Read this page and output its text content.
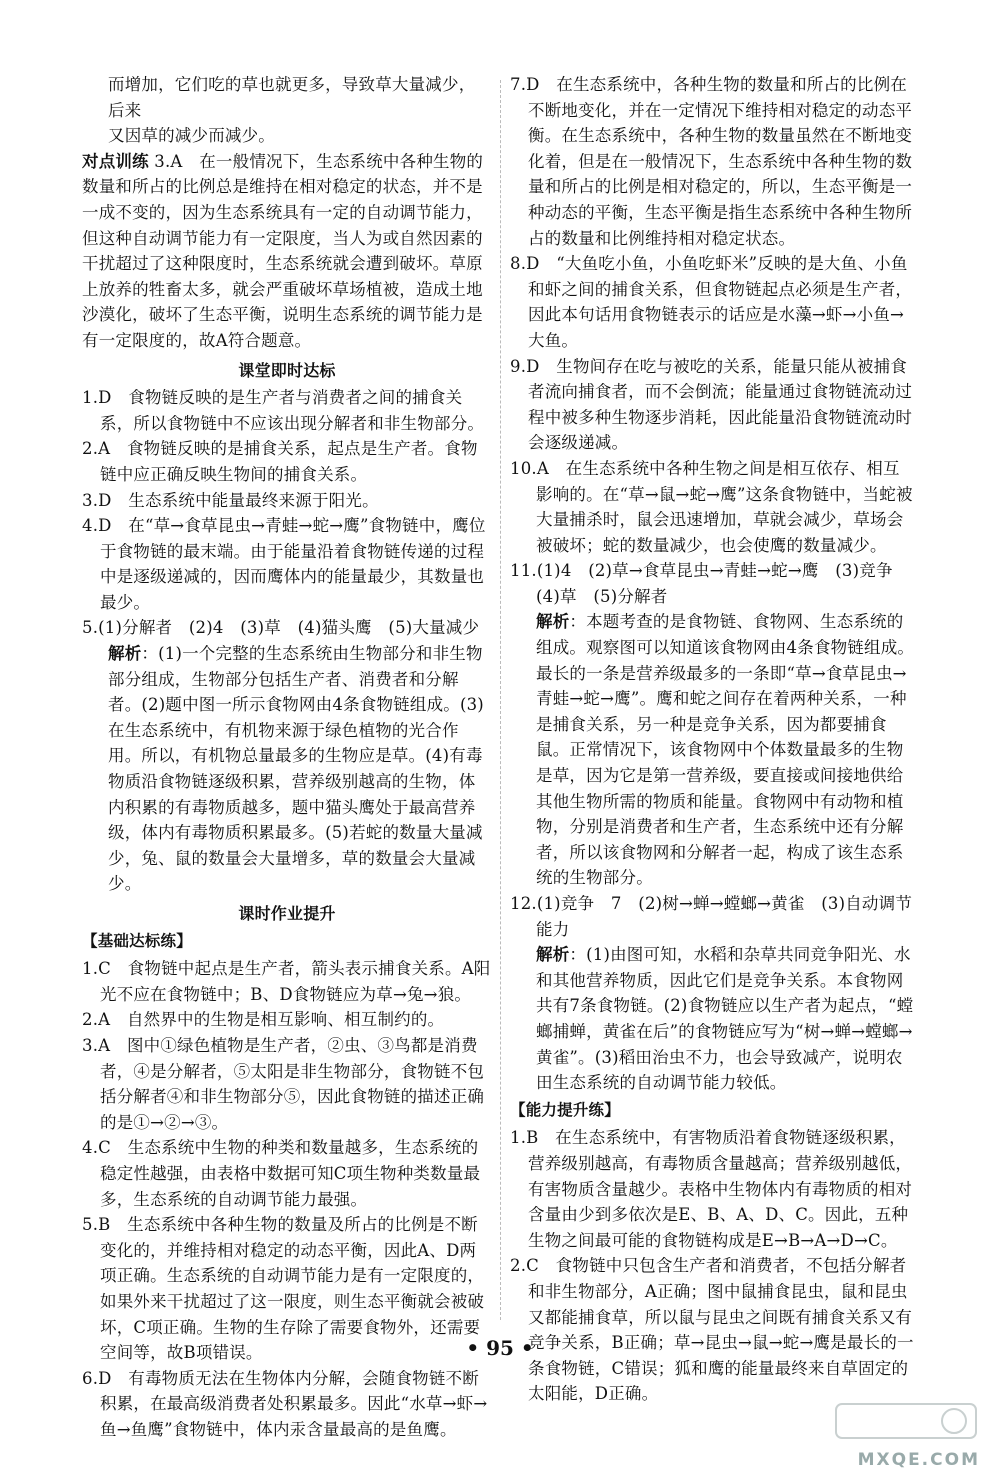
而增加，它们吃的草也就更多，导致草大量减少，后来

又因草的减少而减少。

对点训练 3.A　在一般情况下，生态系统中各种生物的数量和所占的比例总是维持在相对稳定的状态，并不是一成不变的，因为生态系统具有一定的自动调节能力，但这种自动调节能力有一定限度，当人为或自然因素的干扰超过了这种限度时，生态系统就会遭到破坏。草原上放养的牲畜太多，就会严重破坏草场植被，造成土地沙漠化，破坏了生态平衡，说明生态系统的调节能力是有一定限度的，故A符合题意。

课堂即时达标

1.D　食物链反映的是生产者与消费者之间的捕食关系，所以食物链中不应该出现分解者和非生物部分。

2.A　食物链反映的是捕食关系，起点是生产者。食物链中应正确反映生物间的捕食关系。

3.D　生态系统中能量最终来源于阳光。

4.D　在“草→食草昆虫→青蛙→蛇→鹰”食物链中，鹰位于食物链的最末端。由于能量沿着食物链传递的过程中是逐级递减的，因而鹰体内的能量最少，其数量也最少。

5.(1)分解者　(2)4　(3)草　(4)猫头鹰　(5)大量减少

解析：(1)一个完整的生态系统由生物部分和非生物部分组成，生物部分包括生产者、消费者和分解者。(2)题中图一所示食物网由4条食物链组成。(3)在生态系统中，有机物来源于绿色植物的光合作用。所以，有机物总量最多的生物应是草。(4)有毒物质沿食物链逐级积累，营养级别越高的生物，体内积累的有毒物质越多，题中猫头鹰处于最高营养级，体内有毒物质积累最多。(5)若蛇的数量大量减少，兔、鼠的数量会大量增多，草的数量会大量减少。

课时作业提升
【基础达标练】

1.C　食物链中起点是生产者，箭头表示捕食关系。A阳光不应在食物链中；B、D食物链应为草→兔→狼。

2.A　自然界中的生物是相互影响、相互制约的。

3.A　图中①绿色植物是生产者，②虫、③鸟都是消费者，④是分解者，⑤太阳是非生物部分，食物链不包括分解者④和非生物部分⑤，因此食物链的描述正确的是①→②→③。

4.C　生态系统中生物的种类和数量越多，生态系统的稳定性越强，由表格中数据可知C项生物种类数量最多，生态系统的自动调节能力最强。

5.B　生态系统中各种生物的数量及所占的比例是不断变化的，并维持相对稳定的动态平衡，因此A、D两项正确。生态系统的自动调节能力是有一定限度的，如果外来干扰超过了这一限度，则生态平衡就会被破坏，C项正确。生物的生存除了需要食物外，还需要空间等，故B项错误。

6.D　有毒物质无法在生物体内分解，会随食物链不断积累，在最高级消费者处积累最多。因此“水草→虾→鱼→鱼鹰”食物链中，体内汞含量最高的是鱼鹰。

7.D　在生态系统中，各种生物的数量和所占的比例在不断地变化，并在一定情况下维持相对稳定的动态平衡。在生态系统中，各种生物的数量虽然在不断地变化着，但是在一般情况下，生态系统中各种生物的数量和所占的比例是相对稳定的，所以，生态平衡是一种动态的平衡，生态平衡是指生态系统中各种生物所占的数量和比例维持相对稳定状态。

8.D　“大鱼吃小鱼，小鱼吃虾米”反映的是大鱼、小鱼和虾之间的捕食关系，但食物链起点必须是生产者，因此本句话用食物链表示的话应是水藻→虾→小鱼→大鱼。

9.D　生物间存在吃与被吃的关系，能量只能从被捕食者流向捕食者，而不会倒流；能量通过食物链流动过程中被多种生物逐步消耗，因此能量沿食物链流动时会逐级递减。

10.A　在生态系统中各种生物之间是相互依存、相互影响的。在“草→鼠→蛇→鹰”这条食物链中，当蛇被大量捕杀时，鼠会迅速增加，草就会减少，草场会被破坏；蛇的数量减少，也会使鹰的数量减少。

11.(1)4　(2)草→食草昆虫→青蛙→蛇→鹰　(3)竞争　(4)草　(5)分解者

解析：本题考查的是食物链、食物网、生态系统的组成。观察图可以知道该食物网由4条食物链组成。最长的一条是营养级最多的一条即“草→食草昆虫→青蛙→蛇→鹰”。鹰和蛇之间存在着两种关系，一种是捕食关系，另一种是竞争关系，因为都要捕食鼠。正常情况下，该食物网中个体数量最多的生物是草，因为它是第一营养级，要直接或间接地供给其他生物所需的物质和能量。食物网中有动物和植物，分别是消费者和生产者，生态系统中还有分解者，所以该食物网和分解者一起，构成了该生态系统的生物部分。

12.(1)竞争　7　(2)树→蝉→螳螂→黄雀　(3)自动调节能力

解析：(1)由图可知，水稻和杂草共同竞争阳光、水和其他营养物质，因此它们是竞争关系。本食物网共有7条食物链。(2)食物链应以生产者为起点，“螳螂捕蝉，黄雀在后”的食物链应写为“树→蝉→螳螂→黄雀”。(3)稻田治虫不力，也会导致减产，说明农田生态系统的自动调节能力较低。

【能力提升练】

1.B　在生态系统中，有害物质沿着食物链逐级积累，营养级别越高，有毒物质含量越高；营养级别越低，有害物质含量越少。表格中生物体内有毒物质的相对含量由少到多依次是E、B、A、D、C。因此，五种生物之间最可能的食物链构成是E→B→A→D→C。

2.C　食物链中只包含生产者和消费者，不包括分解者和非生物部分，A正确；图中鼠捕食昆虫，鼠和昆虫又都能捕食草，所以鼠与昆虫之间既有捕食关系又有竞争关系，B正确；草→昆虫→鼠→蛇→鹰是最长的一条食物链，C错误；狐和鹰的能量最终来自草固定的太阳能，D正确。

• 95 •
MXQE.COM
